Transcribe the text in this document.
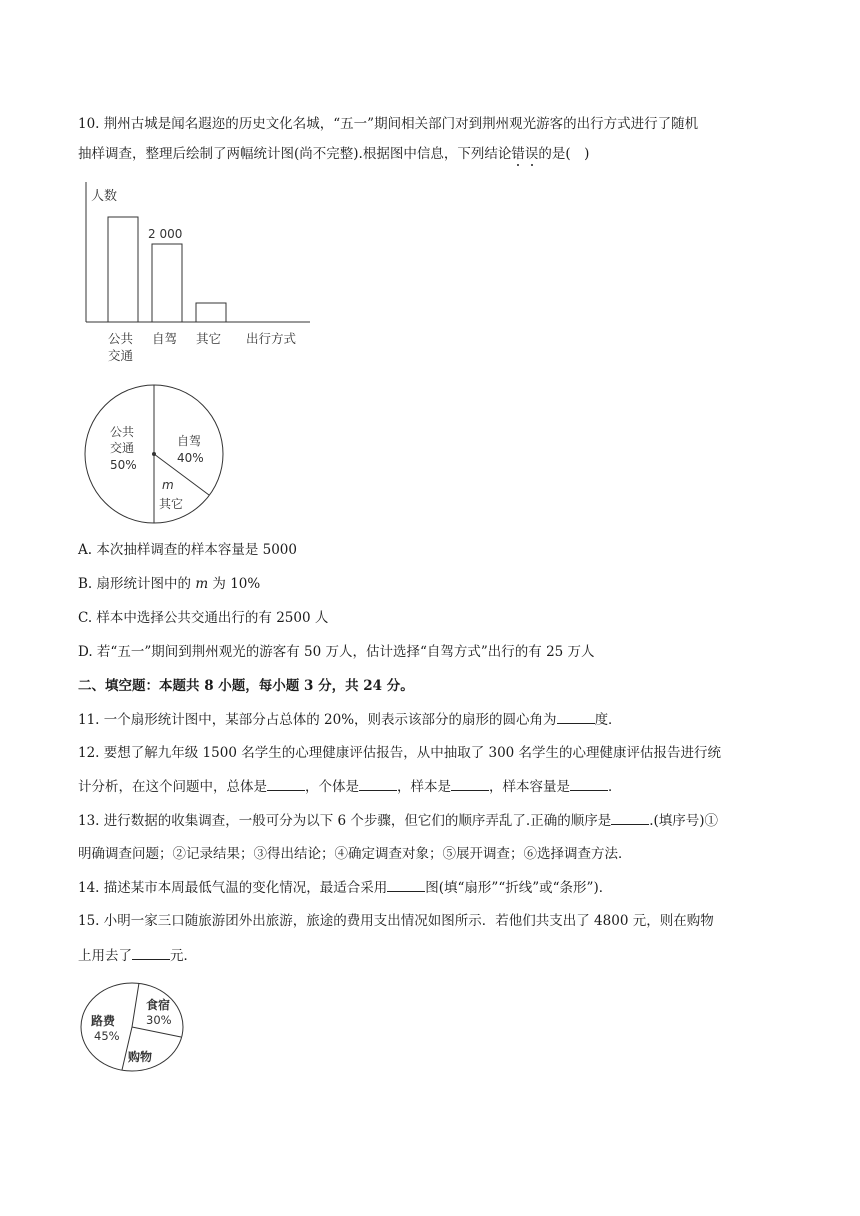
10. 荆州古城是闻名遐迩的历史文化名城，“五一”期间相关部门对到荆州观光游客的出行方式进行了随机
抽样调查，整理后绘制了两幅统计图(尚不完整).根据图中信息，下列结论错误的是(　)
人数
2 000
公共
交通
自驾 其它 出行方式
公共
交通
50%
自驾
40%
m
其它
A. 本次抽样调查的样本容量是 5000
B. 扇形统计图中的 m 为 10%
C. 样本中选择公共交通出行的有 2500 人
D. 若“五一”期间到荆州观光的游客有 50 万人，估计选择“自驾方式”出行的有 25 万人
二、填空题：本题共 8 小题，每小题 3 分，共 24 分。
11. 一个扇形统计图中，某部分占总体的 20%，则表示该部分的扇形的圆心角为	度．
12. 要想了解九年级 1500 名学生的心理健康评估报告，从中抽取了 300 名学生的心理健康评估报告进行统
计分析，在这个问题中，总体是	，个体是	，样本是	，样本容量是	．
13. 进行数据的收集调查，一般可分为以下 6 个步骤，但它们的顺序弄乱了.正确的顺序是	.(填序号)①
明确调查问题；②记录结果；③得出结论；④确定调查对象；⑤展开调查；⑥选择调查方法．
14. 描述某市本周最低气温的变化情况，最适合采用	图(填“扇形”“折线”或“条形”)．
15. 小明一家三口随旅游团外出旅游，旅途的费用支出情况如图所示．若他们共支出了 4800 元，则在购物
上用去了	元．
食宿
30%
路费
45%
购物
